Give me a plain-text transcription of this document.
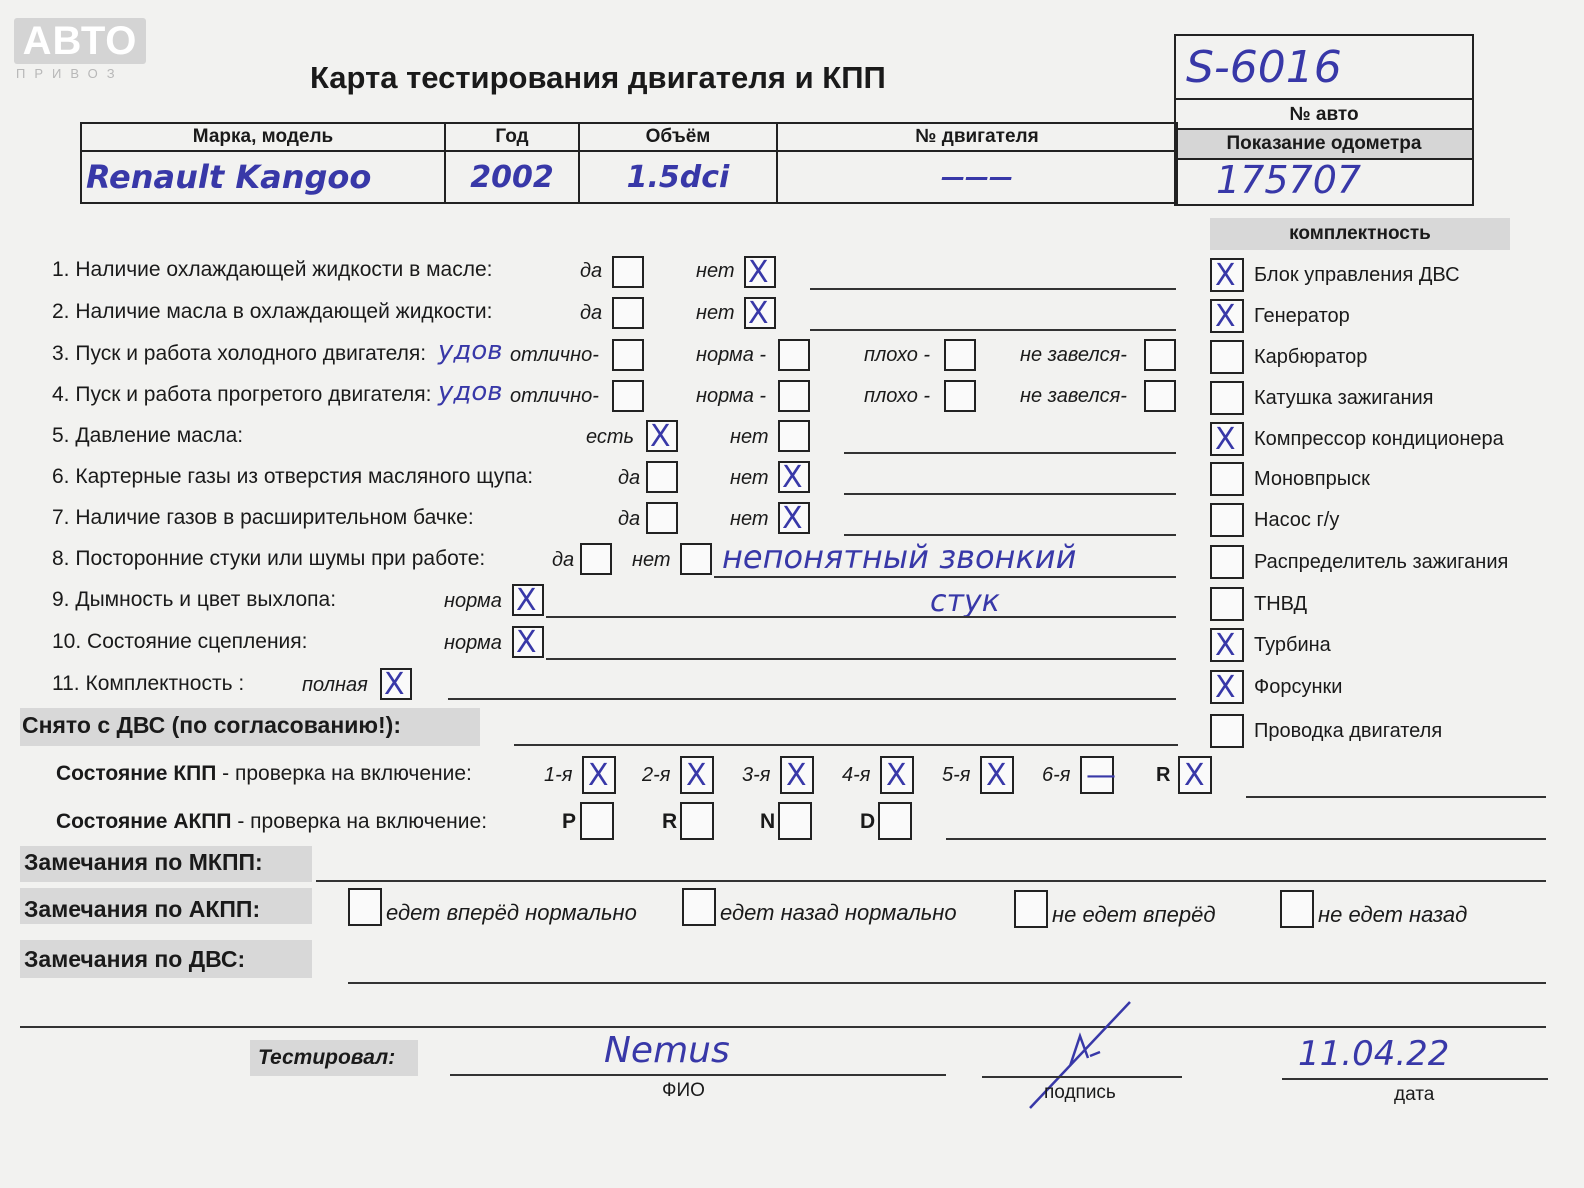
АВТО
ПРИВОЗ	Карта тестирования двигателя и КПП	S-6016
№ авто
Показание одометра
175707
Марка, модель	Год	Объём	№ двигателя
Renault Kangoo	2002	1.5dci	———
комплектность
1. Наличие охлаждающей жидкости в масле:	да	нет X
2. Наличие масла в охлаждающей жидкости:	да	нет X
3. Пуск и работа холодного двигателя: удов отлично-	норма -	плохо -	не завелся-
4. Пуск и работа прогретого двигателя: удов отлично-	норма -	плохо -	не завелся-
5. Давление масла:	есть X	нет
6. Картерные газы из отверстия масляного щупа:	да	нет X
7. Наличие газов в расширительном бачке:	да	нет X
8. Посторонние стуки или шумы при работе:	да	нет непонятный звонкий
стук
9. Дымность и цвет выхлопа:	норма X
10. Состояние сцепления:	норма X
11. Комплектность :	полная X
X Блок управления ДВС
X Генератор
Карбюратор
Катушка зажигания
X Компрессор кондиционера
Моновпрыск
Насос г/у
Распределитель зажигания
ТНВД
X Турбина
X Форсунки
Проводка двигателя
Снято с ДВС (по согласованию!):
Состояние КПП - проверка на включение:	1-я X 2-я X 3-я X 4-я X 5-я X 6-я — R X
Состояние АКПП - проверка на включение:	P	R	N	D
Замечания по МКПП:
Замечания по АКПП:	едет вперёд нормально	едет назад нормально	не едет вперёд	не едет назад
Замечания по ДВС:
Тестировал:	Nemus
ФИО	подпись
11.04.22
дата
